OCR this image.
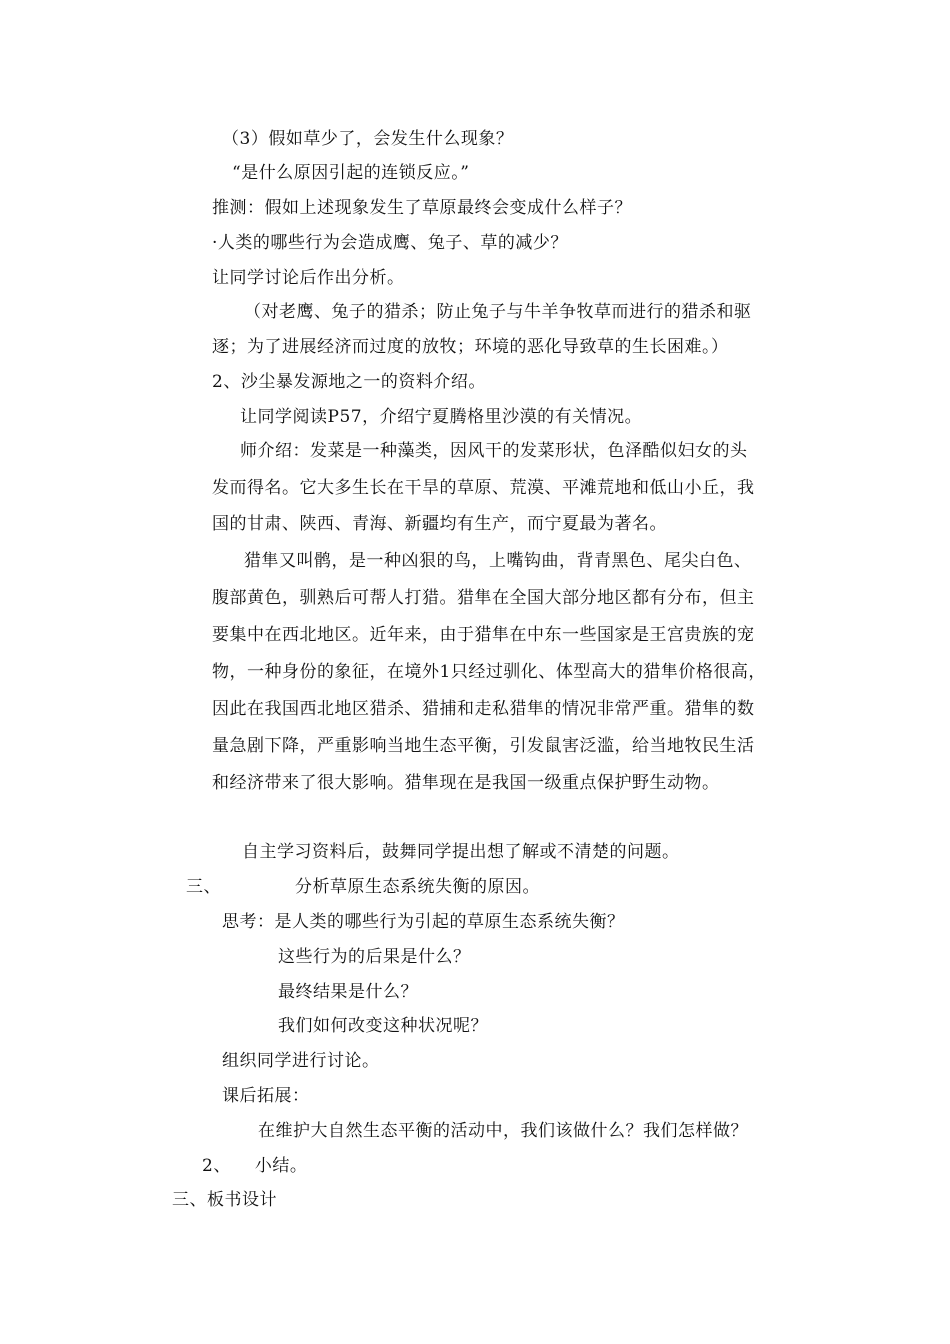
（3）假如草少了，会发生什么现象？
“是什么原因引起的连锁反应。”
推测：假如上述现象发生了草原最终会变成什么样子？
·人类的哪些行为会造成鹰、兔子、草的减少？
让同学讨论后作出分析。
（对老鹰、兔子的猎杀；防止兔子与牛羊争牧草而进行的猎杀和驱
逐；为了进展经济而过度的放牧；环境的恶化导致草的生长困难。）
2、沙尘暴发源地之一的资料介绍。
让同学阅读P57，介绍宁夏腾格里沙漠的有关情况。
师介绍：发菜是一种藻类，因风干的发菜形状，色泽酷似妇女的头
发而得名。它大多生长在干旱的草原、荒漠、平滩荒地和低山小丘，我
国的甘肃、陕西、青海、新疆均有生产，而宁夏最为著名。
猎隼又叫鹘，是一种凶狠的鸟，上嘴钩曲，背青黑色、尾尖白色、
腹部黄色，驯熟后可帮人打猎。猎隼在全国大部分地区都有分布，但主
要集中在西北地区。近年来，由于猎隼在中东一些国家是王宫贵族的宠
物，一种身份的象征，在境外1只经过驯化、体型高大的猎隼价格很高，
因此在我国西北地区猎杀、猎捕和走私猎隼的情况非常严重。猎隼的数
量急剧下降，严重影响当地生态平衡，引发鼠害泛滥，给当地牧民生活
和经济带来了很大影响。猎隼现在是我国一级重点保护野生动物。
自主学习资料后，鼓舞同学提出想了解或不清楚的问题。
三、	分析草原生态系统失衡的原因。
思考：是人类的哪些行为引起的草原生态系统失衡？
这些行为的后果是什么？
最终结果是什么？
我们如何改变这种状况呢？
组织同学进行讨论。
课后拓展：
在维护大自然生态平衡的活动中，我们该做什么？我们怎样做？
2、 小结。
三、板书设计
